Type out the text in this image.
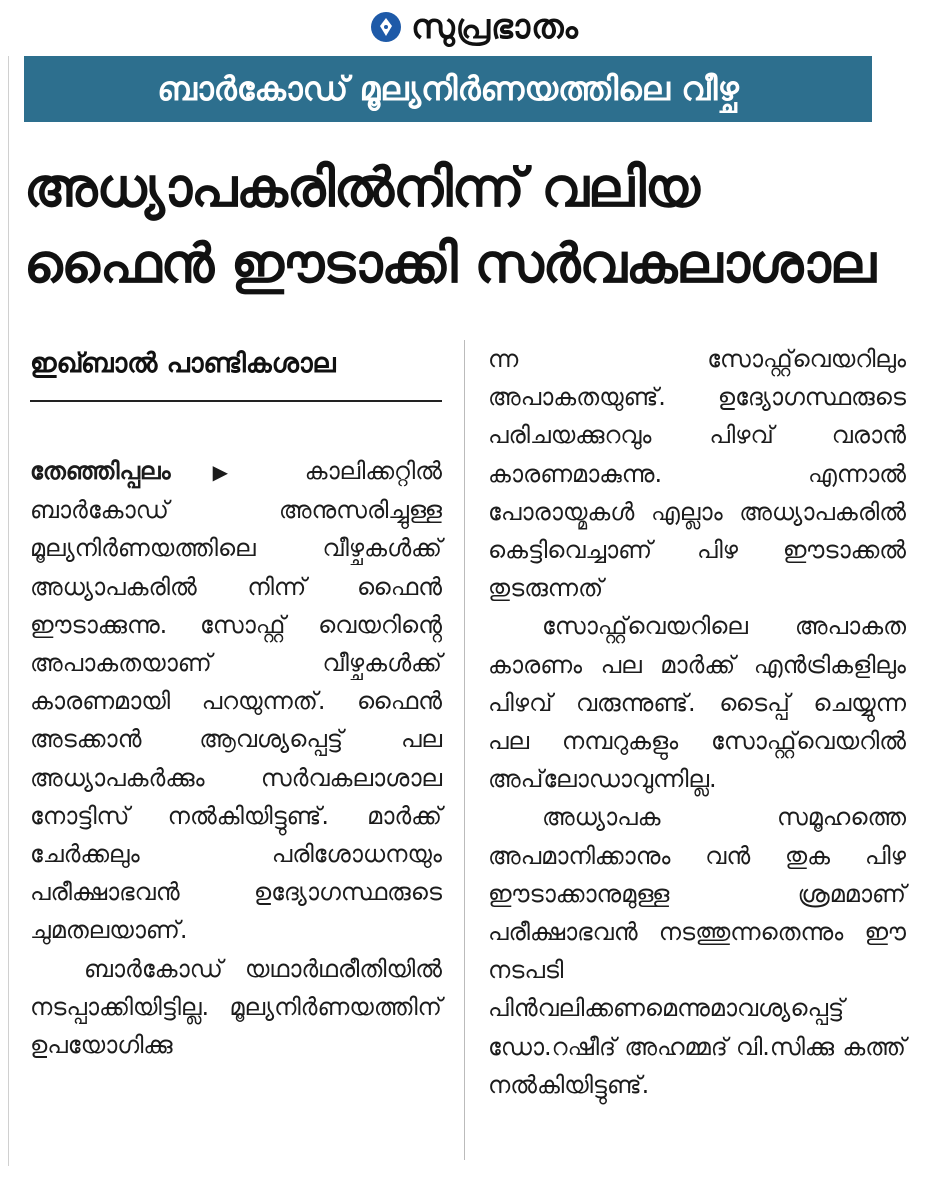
സുപ്രഭാതം
ബാർകോഡ് മൂല്യനിർണയത്തിലെ വീഴ്ച
അധ്യാപകരിൽനിന്ന് വലിയ
ഫൈൻ ഈടാക്കി സർവകലാശാല
ഇഖ്ബാൽ പാണ്ടികശാല

തേഞ്ഞിപ്പലം ▶ കാലിക്കറ്റിൽ ബാർകോഡ് അനുസരിച്ചുള്ള മൂല്യനിർണയത്തിലെ വീഴ്ചകൾക്ക് അധ്യാപകരിൽ നിന്ന് ഫൈൻ ഈടാക്കുന്നു. സോഫ്റ്റ് വെയറിൻ്റെ അപാകതയാണ് വീഴ്ചകൾക്ക് കാരണമായി പറയുന്നത്. ഫൈൻ അടക്കാൻ ആവശ്യപ്പെട്ട് പല അധ്യാപകർക്കും സർവകലാശാല നോട്ടിസ് നൽകിയിട്ടുണ്ട്. മാർക്ക് ചേർക്കലും പരിശോധനയും പരീക്ഷാഭവൻ ഉദ്യോഗസ്ഥരുടെ ചുമതലയാണ്.

ബാർകോഡ് യഥാർഥരീതിയിൽ നടപ്പാക്കിയിട്ടില്ല. മൂല്യനിർണയത്തിന് ഉപയോഗിക്കു

ന്ന സോഫ്റ്റ്‌വെയറിലും അപാകതയുണ്ട്. ഉദ്യോഗസ്ഥരുടെ പരിചയക്കുറവും പിഴവ് വരാൻ കാരണമാകുന്നു. എന്നാൽ പോരായ്മകൾ എല്ലാം അധ്യാപകരിൽ കെട്ടിവെച്ചാണ് പിഴ ഈടാക്കൽ തുടരുന്നത്

സോഫ്റ്റ്‌വെയറിലെ അപാകത കാരണം പല മാർക്ക് എൻട്രികളിലും പിഴവ് വരുന്നുണ്ട്. ടൈപ്പ് ചെയ്യുന്ന പല നമ്പറുകളും സോഫ്റ്റ്‌വെയറിൽ അപ്‌ലോഡാവുന്നില്ല.

അധ്യാപക സമൂഹത്തെ അപമാനിക്കാനും വൻ തുക പിഴ ഈടാക്കാനുമുള്ള ശ്രമമാണ് പരീക്ഷാഭവൻ നടത്തുന്നതെന്നും ഈ നടപടി പിൻവലിക്കണമെന്നുമാവശ്യപ്പെട്ട് ഡോ.റഷീദ് അഹമ്മദ് വി.സിക്കു കത്ത് നൽകിയിട്ടുണ്ട്.
